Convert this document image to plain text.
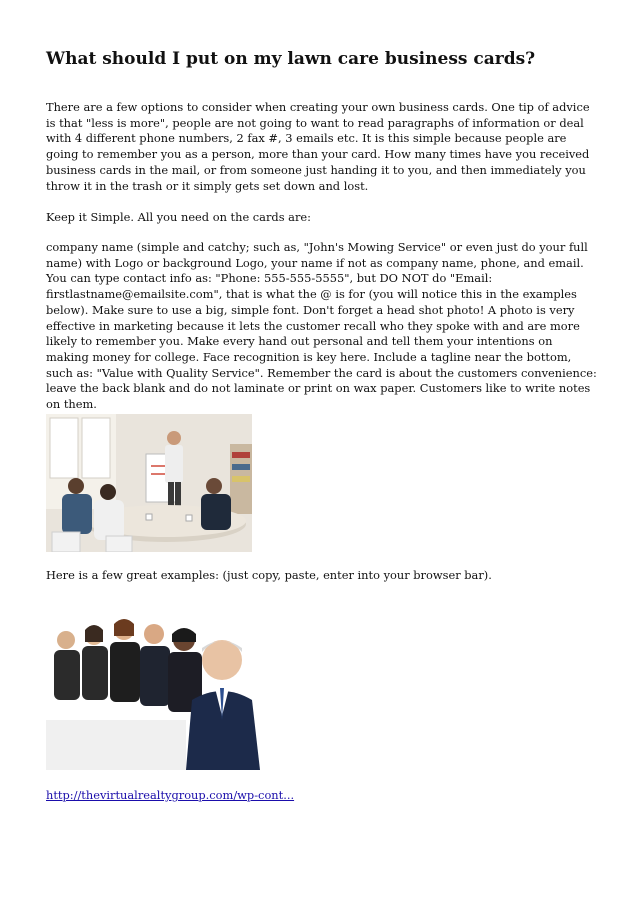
What should I put on my lawn care business cards?

There are a few options to consider when creating your own business cards. One tip of advice is that "less is more", people are not going to want to read paragraphs of information or deal with 4 different phone numbers, 2 fax #, 3 emails etc. It is this simple because people are going to remember you as a person, more than your card. How many times have you received business cards in the mail, or from someone just handing it to you, and then immediately you throw it in the trash or it simply gets set down and lost.

Keep it Simple. All you need on the cards are:

company name (simple and catchy; such as, "John's Mowing Service" or even just do your full name) with Logo or background Logo, your name if not as company name, phone, and email. You can type contact info as: "Phone: 555-555-5555", but DO NOT do "Email: firstlastname@emailsite.com", that is what the @ is for (you will notice this in the examples below). Make sure to use a big, simple font. Don't forget a head shot photo! A photo is very effective in marketing because it lets the customer recall who they spoke with and are more likely to remember you. Make every hand out personal and tell them your intentions on making money for college. Face recognition is key here. Include a tagline near the bottom, such as: "Value with Quality Service". Remember the card is about the customers convenience: leave the back blank and do not laminate or print on wax paper. Customers like to write notes on them.

Here is a few great examples: (just copy, paste, enter into your browser bar).

http://thevirtualrealtygroup.com/wp-cont...
